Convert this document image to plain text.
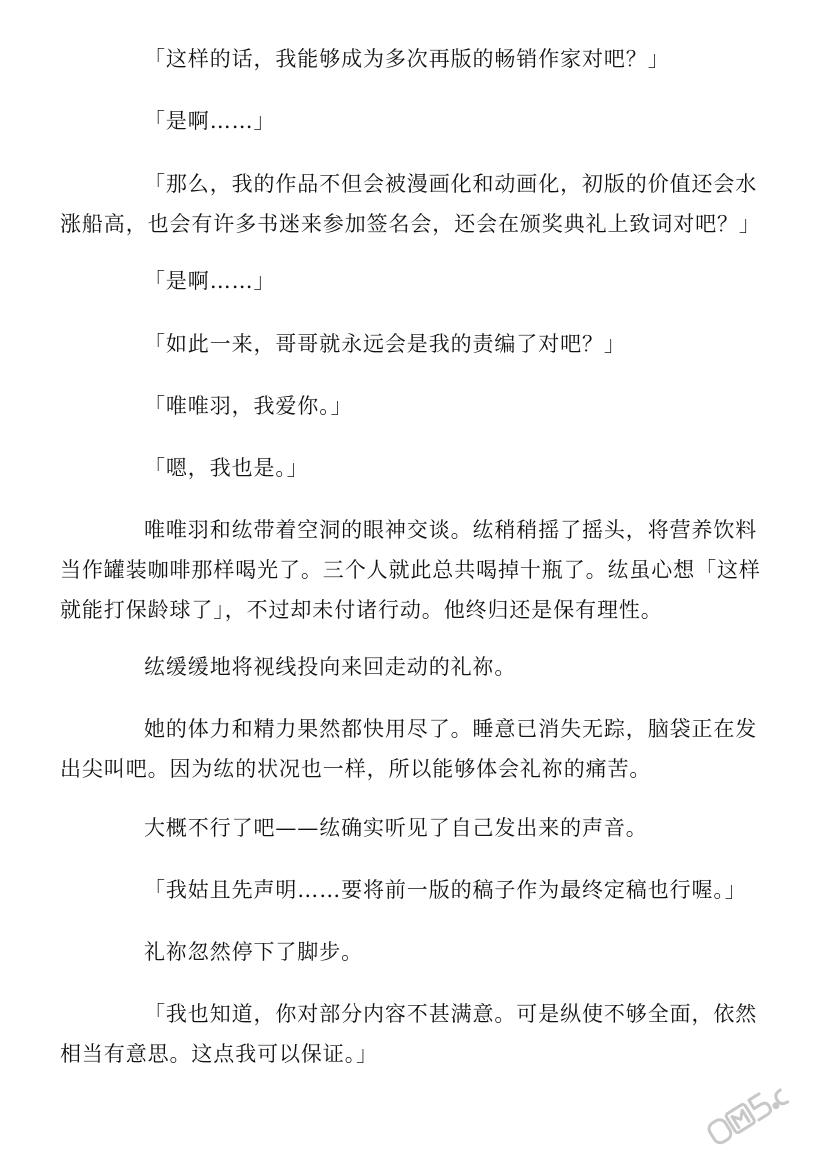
「这样的话，我能够成为多次再版的畅销作家对吧？」

「是啊……」

「那么，我的作品不但会被漫画化和动画化，初版的价值还会水涨船高，也会有许多书迷来参加签名会，还会在颁奖典礼上致词对吧？」

「是啊……」

「如此一来，哥哥就永远会是我的责编了对吧？」

「唯唯羽，我爱你。」

「嗯，我也是。」

唯唯羽和纮带着空洞的眼神交谈。纮稍稍摇了摇头，将营养饮料当作罐装咖啡那样喝光了。三个人就此总共喝掉十瓶了。纮虽心想「这样就能打保龄球了」，不过却未付诸行动。他终归还是保有理性。

纮缓缓地将视线投向来回走动的礼祢。

她的体力和精力果然都快用尽了。睡意已消失无踪，脑袋正在发出尖叫吧。因为纮的状况也一样，所以能够体会礼祢的痛苦。

大概不行了吧——纮确实听见了自己发出来的声音。

「我姑且先声明……要将前一版的稿子作为最终定稿也行喔。」

礼祢忽然停下了脚步。

「我也知道，你对部分内容不甚满意。可是纵使不够全面，依然相当有意思。这点我可以保证。」
